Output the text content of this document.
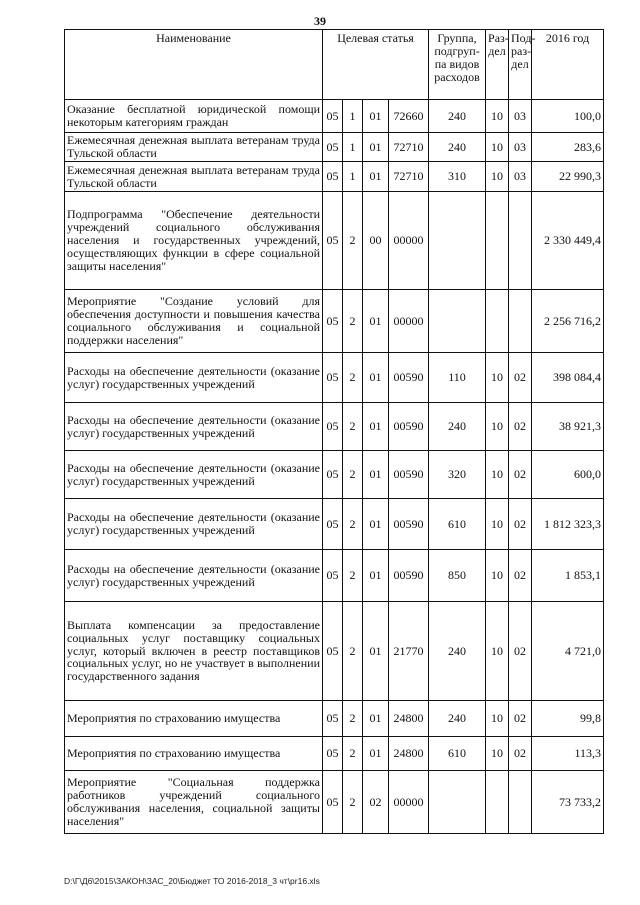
39
Наименование	Целевая статья				Группа, подгруп-па видов расходов	Раз-дел	Под-раз-дел	2016 год
Оказание бесплатной юридической помощи некоторым категориям граждан	05	1	01	72660	240	10	03	100,0
Ежемесячная денежная выплата ветеранам труда Тульской области	05	1	01	72710	240	10	03	283,6
Ежемесячная денежная выплата ветеранам труда Тульской области	05	1	01	72710	310	10	03	22 990,3
Подпрограмма "Обеспечение деятельности учреждений социального обслуживания населения и государственных учреждений, осуществляющих функции в сфере социальной защиты населения"	05	2	00	00000				2 330 449,4
Мероприятие "Создание условий для обеспечения доступности и повышения качества социального обслуживания и социальной поддержки населения"	05	2	01	00000				2 256 716,2
Расходы на обеспечение деятельности (оказание услуг) государственных учреждений	05	2	01	00590	110	10	02	398 084,4
Расходы на обеспечение деятельности (оказание услуг) государственных учреждений	05	2	01	00590	240	10	02	38 921,3
Расходы на обеспечение деятельности (оказание услуг) государственных учреждений	05	2	01	00590	320	10	02	600,0
Расходы на обеспечение деятельности (оказание услуг) государственных учреждений	05	2	01	00590	610	10	02	1 812 323,3
Расходы на обеспечение деятельности (оказание услуг) государственных учреждений	05	2	01	00590	850	10	02	1 853,1
Выплата компенсации за предоставление социальных услуг поставщику социальных услуг, который включен в реестр поставщиков социальных услуг, но не участвует в выполнении государственного задания	05	2	01	21770	240	10	02	4 721,0
Мероприятия по страхованию имущества	05	2	01	24800	240	10	02	99,8
Мероприятия по страхованию имущества	05	2	01	24800	610	10	02	113,3
Мероприятие "Социальная поддержка работников учреждений социального обслуживания населения, социальной защиты населения"	05	2	02	00000				73 733,2
D:\Г\Д6\2015\ЗАКОН\ЗАС_20\Бюджет ТО 2016-2018_3 чт\pr16.xls
